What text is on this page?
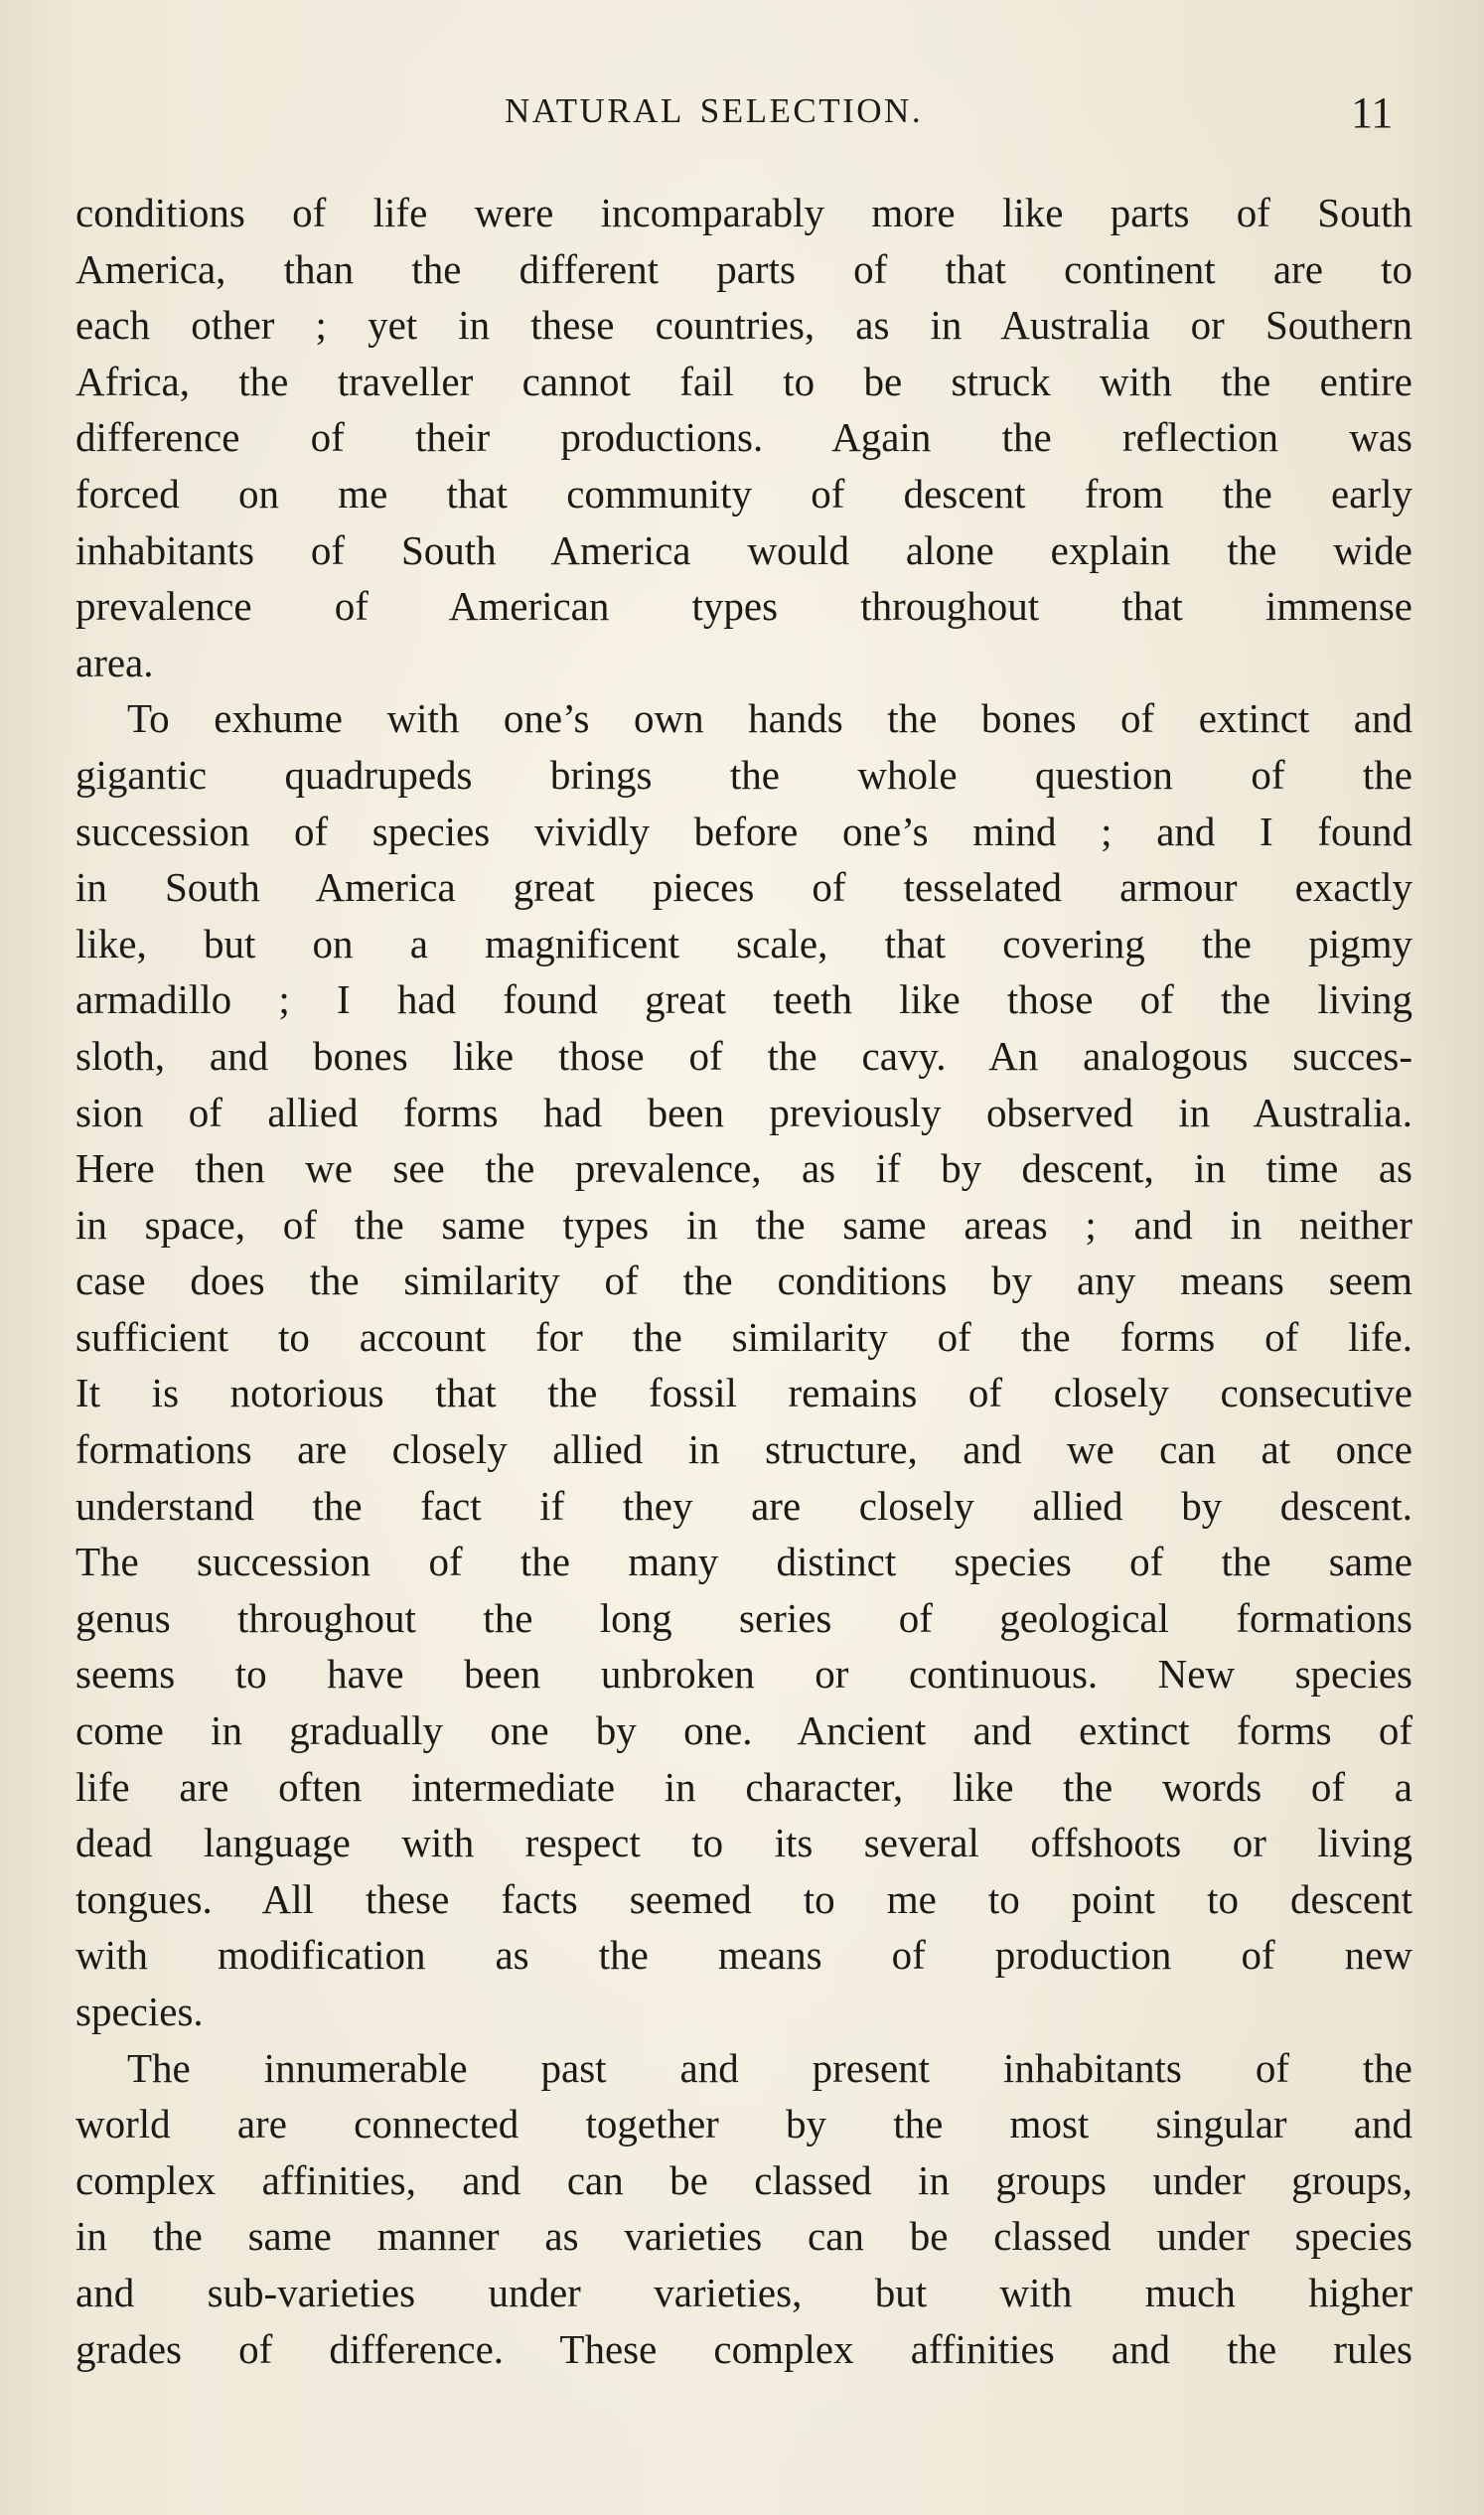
NATURAL SELECTION.	11
conditions of life were incomparably more like parts of South
America, than the different parts of that continent are to
each other ; yet in these countries, as in Australia or Southern
Africa, the traveller cannot fail to be struck with the entire
difference of their productions. Again the reflection was
forced on me that community of descent from the early
inhabitants of South America would alone explain the wide
prevalence of American types throughout that immense
area.
To exhume with one’s own hands the bones of extinct and
gigantic quadrupeds brings the whole question of the
succession of species vividly before one’s mind ; and I found
in South America great pieces of tesselated armour exactly
like, but on a magnificent scale, that covering the pigmy
armadillo ; I had found great teeth like those of the living
sloth, and bones like those of the cavy. An analogous succes-
sion of allied forms had been previously observed in Australia.
Here then we see the prevalence, as if by descent, in time as
in space, of the same types in the same areas ; and in neither
case does the similarity of the conditions by any means seem
sufficient to account for the similarity of the forms of life.
It is notorious that the fossil remains of closely consecutive
formations are closely allied in structure, and we can at once
understand the fact if they are closely allied by descent.
The succession of the many distinct species of the same
genus throughout the long series of geological formations
seems to have been unbroken or continuous. New species
come in gradually one by one. Ancient and extinct forms of
life are often intermediate in character, like the words of a
dead language with respect to its several offshoots or living
tongues. All these facts seemed to me to point to descent
with modification as the means of production of new
species.
The innumerable past and present inhabitants of the
world are connected together by the most singular and
complex affinities, and can be classed in groups under groups,
in the same manner as varieties can be classed under species
and sub-varieties under varieties, but with much higher
grades of difference. These complex affinities and the rules
